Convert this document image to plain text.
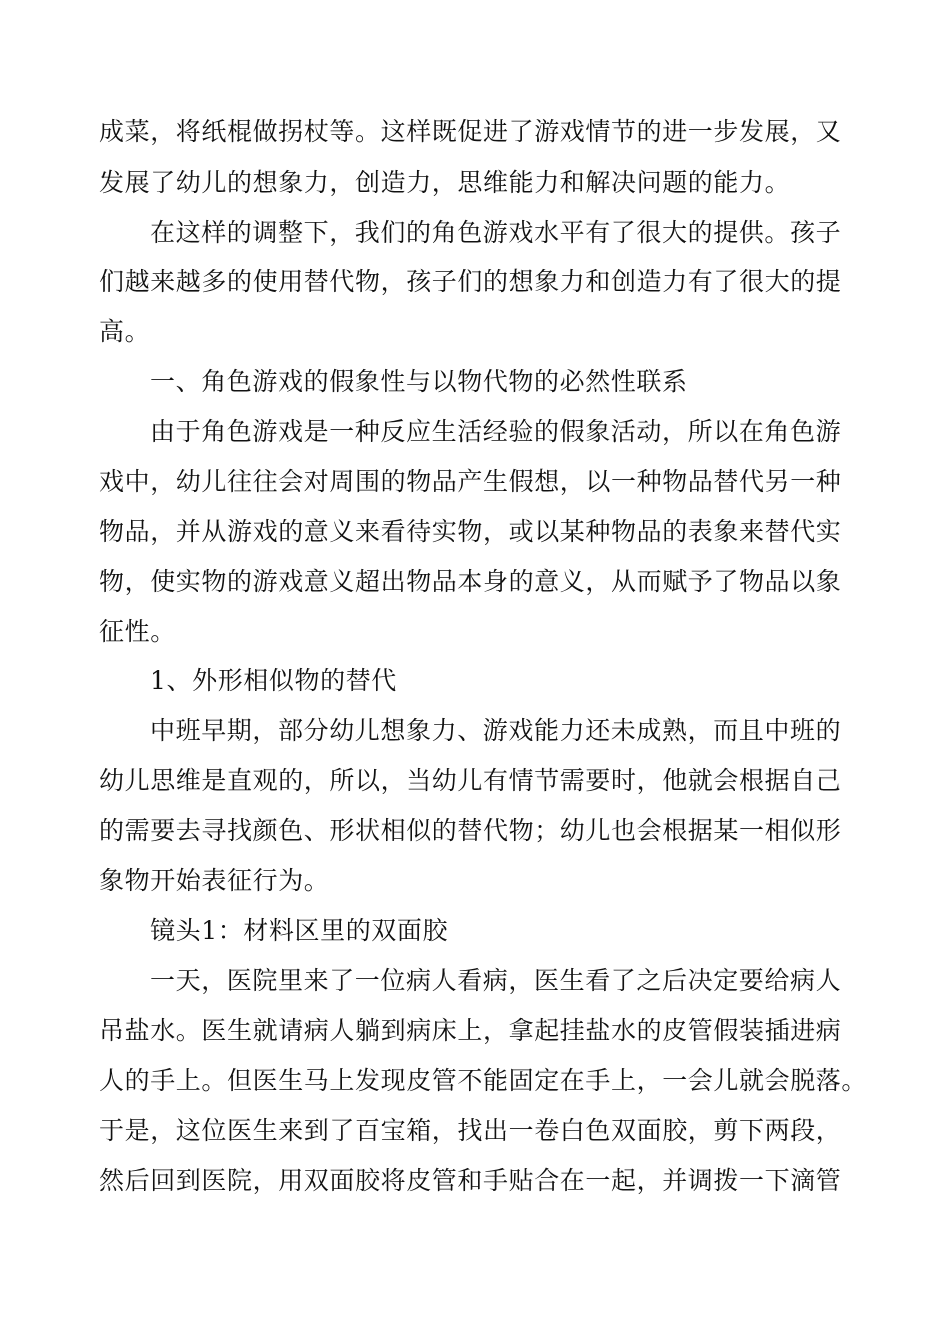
成菜，将纸棍做拐杖等。这样既促进了游戏情节的进一步发展，又
发展了幼儿的想象力，创造力，思维能力和解决问题的能力。
在这样的调整下，我们的角色游戏水平有了很大的提供。孩子
们越来越多的使用替代物，孩子们的想象力和创造力有了很大的提
高。
一、角色游戏的假象性与以物代物的必然性联系
由于角色游戏是一种反应生活经验的假象活动，所以在角色游
戏中，幼儿往往会对周围的物品产生假想，以一种物品替代另一种
物品，并从游戏的意义来看待实物，或以某种物品的表象来替代实
物，使实物的游戏意义超出物品本身的意义，从而赋予了物品以象
征性。
1、外形相似物的替代
中班早期，部分幼儿想象力、游戏能力还未成熟，而且中班的
幼儿思维是直观的，所以，当幼儿有情节需要时，他就会根据自己
的需要去寻找颜色、形状相似的替代物；幼儿也会根据某一相似形
象物开始表征行为。
镜头1：材料区里的双面胶
一天，医院里来了一位病人看病，医生看了之后决定要给病人
吊盐水。医生就请病人躺到病床上，拿起挂盐水的皮管假装插进病
人的手上。但医生马上发现皮管不能固定在手上，一会儿就会脱落。
于是，这位医生来到了百宝箱，找出一卷白色双面胶，剪下两段，
然后回到医院，用双面胶将皮管和手贴合在一起，并调拨一下滴管
